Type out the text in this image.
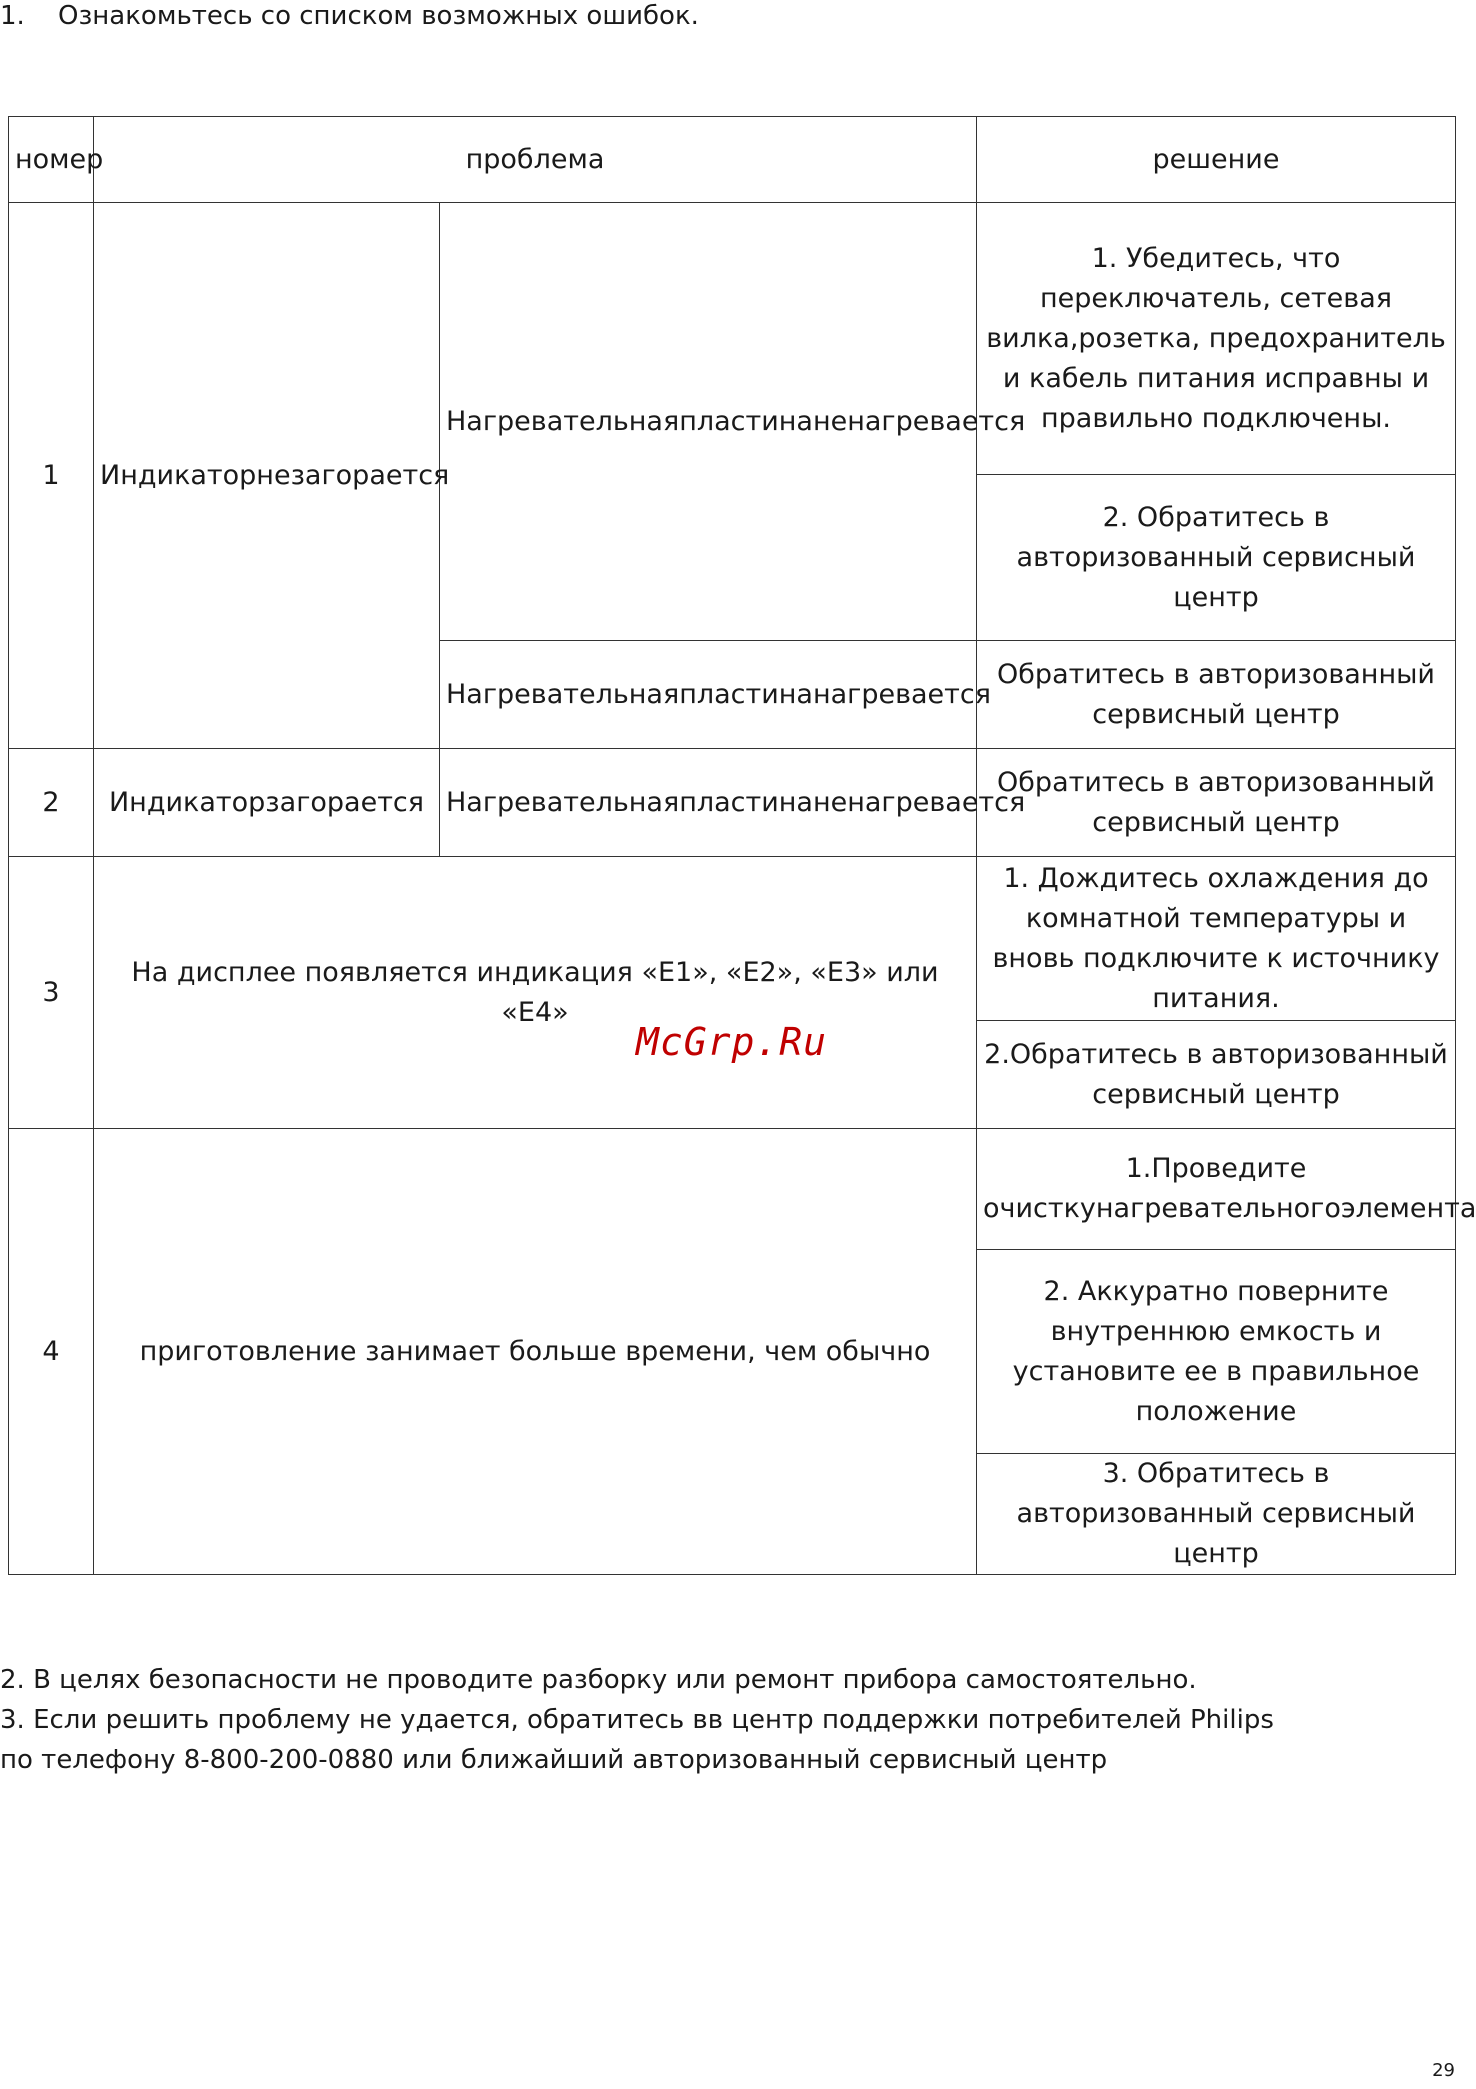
1. Ознакомьтесь со списком возможных ошибок.
номер	проблема		решение
1	Индикаторнезагорается	Нагревательнаяпластинаненагревается	1. Убедитесь, что переключатель, сетевая вилка,розетка, предохранитель и кабель питания исправны и правильно подключены.
			2. Обратитесь в авторизованный сервисный центр
		Нагревательнаяпластинанагревается	Обратитесь в авторизованный сервисный центр
2	Индикаторзагорается	Нагревательнаяпластинаненагревается	Обратитесь в авторизованный сервисный центр
3	На дисплее появляется индикация «E1», «E2», «E3» или «E4»		1. Дождитесь охлаждения до комнатной температуры и вновь подключите к источнику питания.
			2.Обратитесь в авторизованный сервисный центр
4	приготовление занимает больше времени, чем обычно		1.Проведите очисткунагревательногоэлемента
			2. Аккуратно поверните внутреннюю емкость и установите ее в правильное положение
			3. Обратитесь в авторизованный сервисный центр
McGrp.Ru

2. В целях безопасности не проводите разборку или ремонт прибора самостоятельно.

3. Если решить проблему не удается, обратитесь вв центр поддержки потребителей Philips по телефону 8-800-200-0880 или ближайший авторизованный сервисный центр

29
